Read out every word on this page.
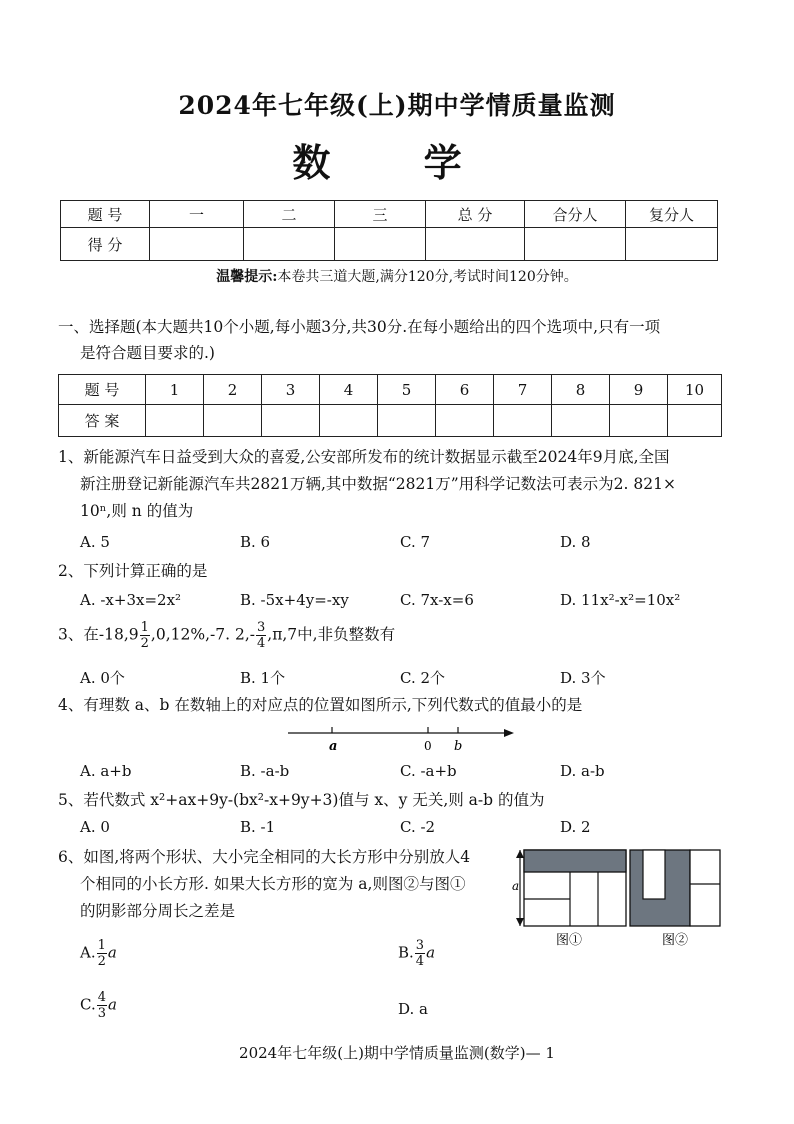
2024年七年级(上)期中学情质量监测
数 学
题 号	一	二	三	总 分	合分人	复分人
得 分						
温馨提示:本卷共三道大题,满分120分,考试时间120分钟。
一、选择题(本大题共10个小题,每小题3分,共30分.在每小题给出的四个选项中,只有一项
是符合题目要求的.)
题 号	1	2	3	4	5	6	7	8	9	10
答 案										
1、新能源汽车日益受到大众的喜爱,公安部所发布的统计数据显示截至2024年9月底,全国
新注册登记新能源汽车共2821万辆,其中数据“2821万”用科学记数法可表示为2. 821×
10ⁿ,则 n 的值为
A. 5	B. 6	C. 7	D. 8
2、下列计算正确的是
A. -x+3x=2x²	B. -5x+4y=-xy	C. 7x-x=6	D. 11x²-x²=10x²
3、在$-18,9 \frac{1}{2} ,0,12\%,-7$. $2,- \frac{3}{4} ,\pi,7$中,非负整数有
A. 0个	B. 1个	C. 2个	D. 3个
4、有理数 a、b 在数轴上的对应点的位置如图所示,下列代数式的值最小的是
a	0 b
A. a+b	B. -a-b	C. -a+b	D. a-b
5、若代数式 x²+ax+9y-(bx²-x+9y+3)值与 x、y 无关,则 a-b 的值为
A. 0	B. -1	C. -2	D. 2
6、如图,将两个形状、大小完全相同的大长方形中分别放人4
个相同的小长方形. 如果大长方形的宽为 a,则图②与图①
的阴影部分周长之差是
a
图①	图②
A. $\frac{1}{2}$ a	B. $\frac{3}{4}$ a
C. $\frac{4}{3}$ a	D. a
2024年七年级(上)期中学情质量监测(数学)— 1
